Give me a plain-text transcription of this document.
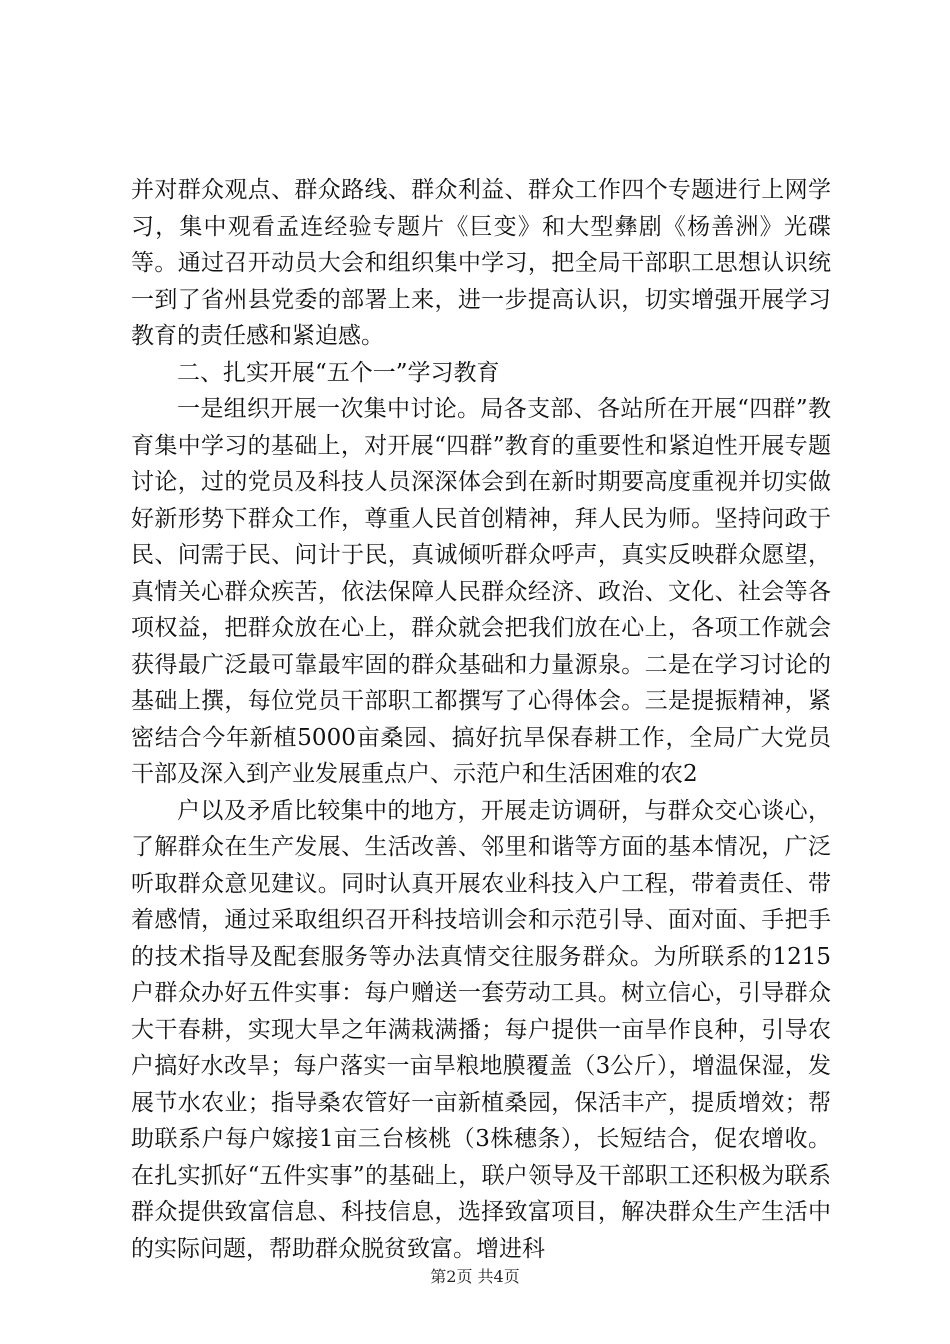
并对群众观点、群众路线、群众利益、群众工作四个专题进行上网学习，集中观看孟连经验专题片《巨变》和大型彝剧《杨善洲》光碟等。通过召开动员大会和组织集中学习，把全局干部职工思想认识统一到了省州县党委的部署上来，进一步提高认识，切实增强开展学习教育的责任感和紧迫感。

二、扎实开展“五个一”学习教育

一是组织开展一次集中讨论。局各支部、各站所在开展“四群”教育集中学习的基础上，对开展“四群”教育的重要性和紧迫性开展专题讨论，过的党员及科技人员深深体会到在新时期要高度重视并切实做好新形势下群众工作，尊重人民首创精神，拜人民为师。坚持问政于民、问需于民、问计于民，真诚倾听群众呼声，真实反映群众愿望，真情关心群众疾苦，依法保障人民群众经济、政治、文化、社会等各项权益，把群众放在心上，群众就会把我们放在心上，各项工作就会获得最广泛最可靠最牢固的群众基础和力量源泉。二是在学习讨论的基础上撰，每位党员干部职工都撰写了心得体会。三是提振精神，紧密结合今年新植5000亩桑园、搞好抗旱保春耕工作，全局广大党员干部及深入到产业发展重点户、示范户和生活困难的农2

户以及矛盾比较集中的地方，开展走访调研，与群众交心谈心，了解群众在生产发展、生活改善、邻里和谐等方面的基本情况，广泛听取群众意见建议。同时认真开展农业科技入户工程，带着责任、带着感情，通过采取组织召开科技培训会和示范引导、面对面、手把手的技术指导及配套服务等办法真情交往服务群众。为所联系的1215户群众办好五件实事：每户赠送一套劳动工具。树立信心，引导群众大干春耕，实现大旱之年满栽满播；每户提供一亩旱作良种，引导农户搞好水改旱；每户落实一亩旱粮地膜覆盖（3公斤），增温保湿，发展节水农业；指导桑农管好一亩新植桑园，保活丰产，提质增效；帮助联系户每户嫁接1亩三台核桃（3株穗条），长短结合，促农增收。在扎实抓好“五件实事”的基础上，联户领导及干部职工还积极为联系群众提供致富信息、科技信息，选择致富项目，解决群众生产生活中的实际问题，帮助群众脱贫致富。增进科

第2页 共4页
